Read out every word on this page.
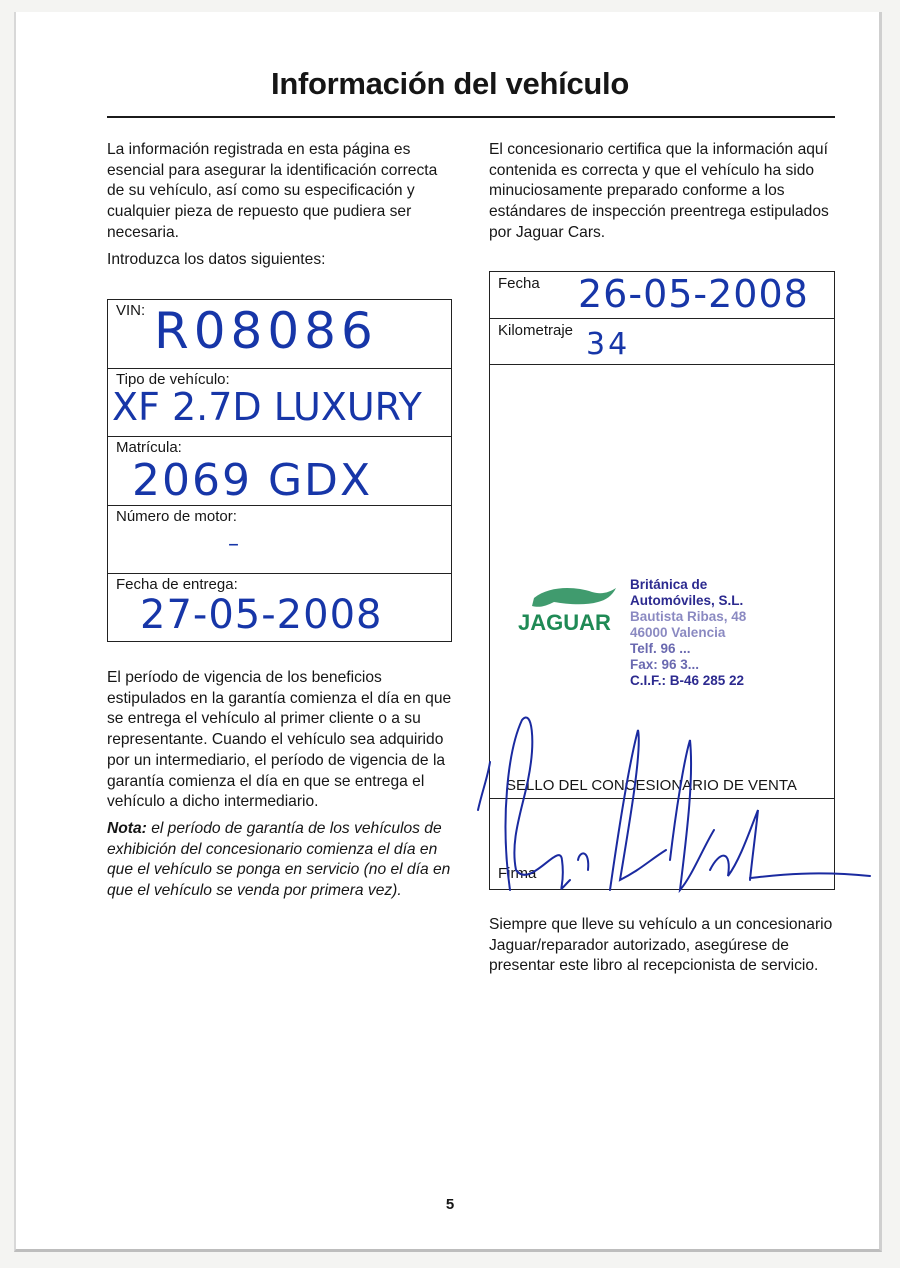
Información del vehículo

La información registrada en esta página es esencial para asegurar la identificación correcta de su vehículo, así como su especificación y cualquier pieza de repuesto que pudiera ser necesaria.

Introduzca los datos siguientes:

VIN: R08086
Tipo de vehículo:
XF 2.7D LUXURY
Matrícula:
2069 GDX
Número de motor:
–
Fecha de entrega:
27-05-2008

El período de vigencia de los beneficios estipulados en la garantía comienza el día en que se entrega el vehículo al primer cliente o a su representante. Cuando el vehículo sea adquirido por un intermediario, el período de vigencia de la garantía comienza el día en que se entrega el vehículo a dicho intermediario.

Nota: el período de garantía de los vehículos de exhibición del concesionario comienza el día en que el vehículo se ponga en servicio (no el día en que el vehículo se venda por primera vez).

El concesionario certifica que la información aquí contenida es correcta y que el vehículo ha sido minuciosamente preparado conforme a los estándares de inspección preentrega estipulados por Jaguar Cars.

Fecha 26-05-2008
Kilometraje 34
JAGUAR
Británica de
Automóviles, S.L.
Bautista Ribas, 48
46000 Valencia
Telf. 96 ...
Fax: 96 3...
C.I.F.: B-46 285 22
SELLO DEL CONCESIONARIO DE VENTA
Firma

Siempre que lleve su vehículo a un concesionario Jaguar/reparador autorizado, asegúrese de presentar este libro al recepcionista de servicio.

5
